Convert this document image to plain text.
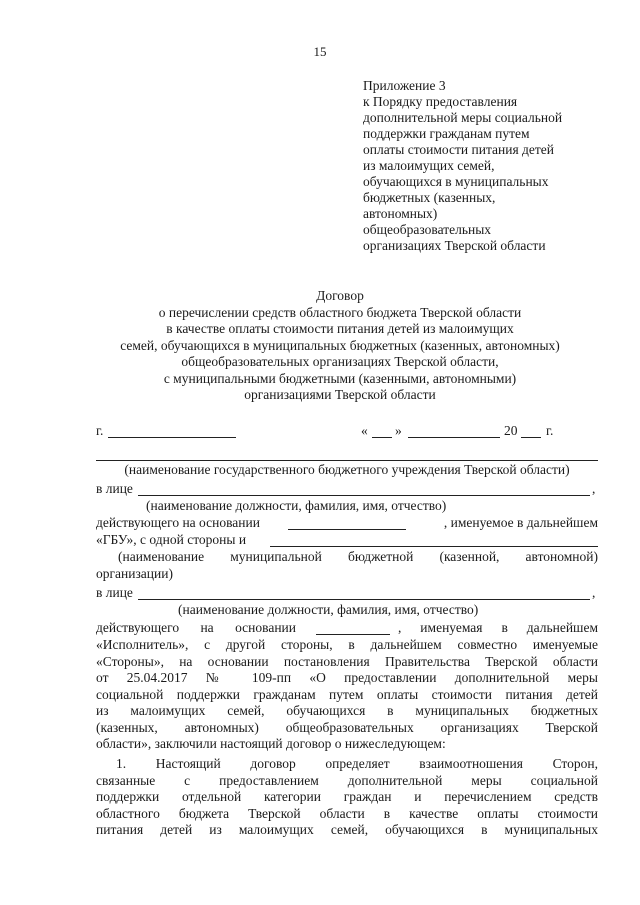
15
Приложение 3
к Порядку предоставления
дополнительной меры социальной
поддержки гражданам путем
оплаты стоимости питания детей
из малоимущих семей,
обучающихся в муниципальных
бюджетных (казенных,
автономных)
общеобразовательных
организациях Тверской области
Договор
о перечислении средств областного бюджета Тверской области
в качестве оплаты стоимости питания детей из малоимущих
семей, обучающихся в муниципальных бюджетных (казенных, автономных)
общеобразовательных организациях Тверской области,
с муниципальными бюджетными (казенными, автономными)
организациями Тверской области
г.	« »	20 г.
(наименование государственного бюджетного учреждения Тверской области)
в лице	,
(наименование должности, фамилия, имя, отчество)
действующего на основании	, именуемое в дальнейшем
«ГБУ», с одной стороны и
(наименование муниципальной бюджетной (казенной, автономной)
организации)
в лице	,
(наименование должности, фамилия, имя, отчество)
действующего на основании	, именуемая в дальнейшем
«Исполнитель», с другой стороны, в дальнейшем совместно именуемые
«Стороны», на основании постановления Правительства Тверской области
от 25.04.2017 № 109-пп «О предоставлении дополнительной меры
социальной поддержки гражданам путем оплаты стоимости питания детей
из малоимущих семей, обучающихся в муниципальных бюджетных
(казенных, автономных) общеобразовательных организациях Тверской
области», заключили настоящий договор о нижеследующем:
1. Настоящий договор определяет взаимоотношения Сторон,
связанные с предоставлением дополнительной меры социальной
поддержки отдельной категории граждан и перечислением средств
областного бюджета Тверской области в качестве оплаты стоимости
питания детей из малоимущих семей, обучающихся в муниципальных
